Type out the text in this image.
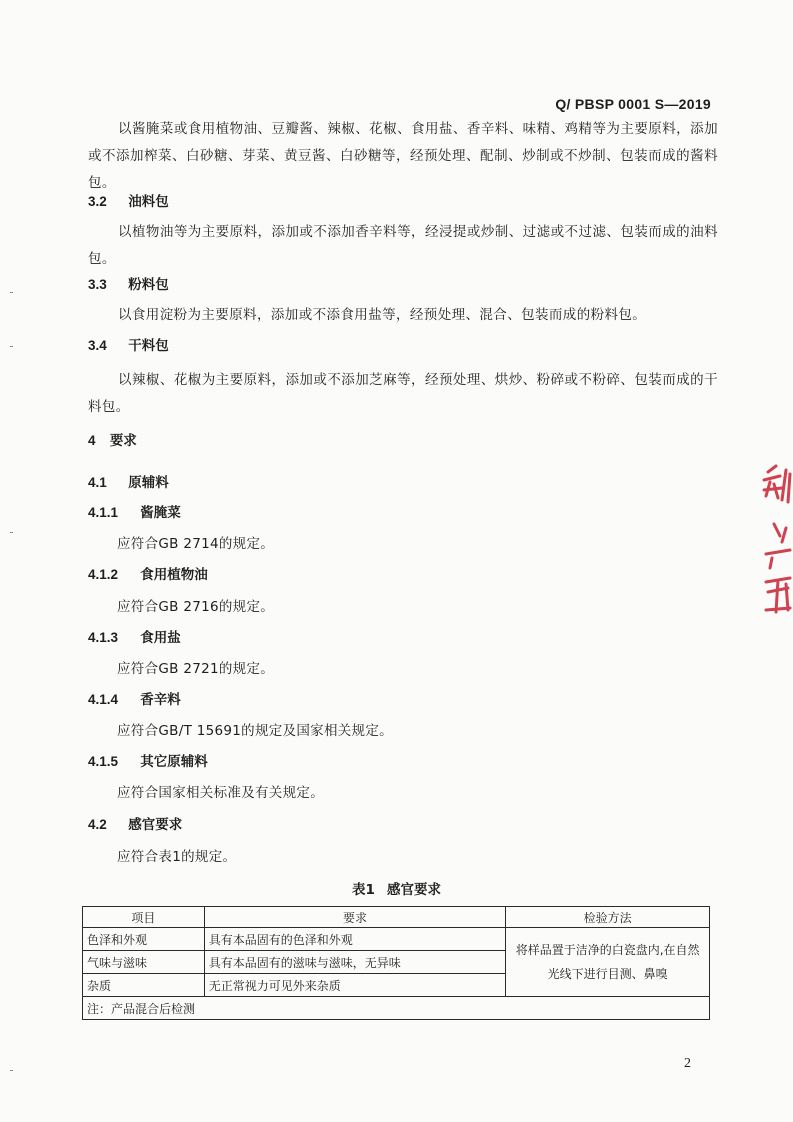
Q/ PBSP 0001 S—2019
以酱腌菜或食用植物油、豆瓣酱、辣椒、花椒、食用盐、香辛料、味精、鸡精等为主要原料，添加或不添加榨菜、白砂糖、芽菜、黄豆酱、白砂糖等，经预处理、配制、炒制或不炒制、包装而成的酱料包。
3.2 油料包
以植物油等为主要原料，添加或不添加香辛料等，经浸提或炒制、过滤或不过滤、包装而成的油料包。
3.3 粉料包
以食用淀粉为主要原料，添加或不添食用盐等，经预处理、混合、包装而成的粉料包。
3.4 干料包
以辣椒、花椒为主要原料，添加或不添加芝麻等，经预处理、烘炒、粉碎或不粉碎、包装而成的干料包。
4 要求
4.1 原辅料
4.1.1 酱腌菜
应符合GB 2714的规定。
4.1.2 食用植物油
应符合GB 2716的规定。
4.1.3 食用盐
应符合GB 2721的规定。
4.1.4 香辛料
应符合GB/T 15691的规定及国家相关规定。
4.1.5 其它原辅料
应符合国家相关标准及有关规定。
4.2 感官要求
应符合表1的规定。
表1 感官要求
项目	要求	检验方法
色泽和外观	具有本品固有的色泽和外观	将样品置于洁净的白瓷盘内,在自然光线下进行目测、鼻嗅
气味与滋味	具有本品固有的滋味与滋味，无异味	
杂质	无正常视力可见外来杂质	
注：产品混合后检测		
2
